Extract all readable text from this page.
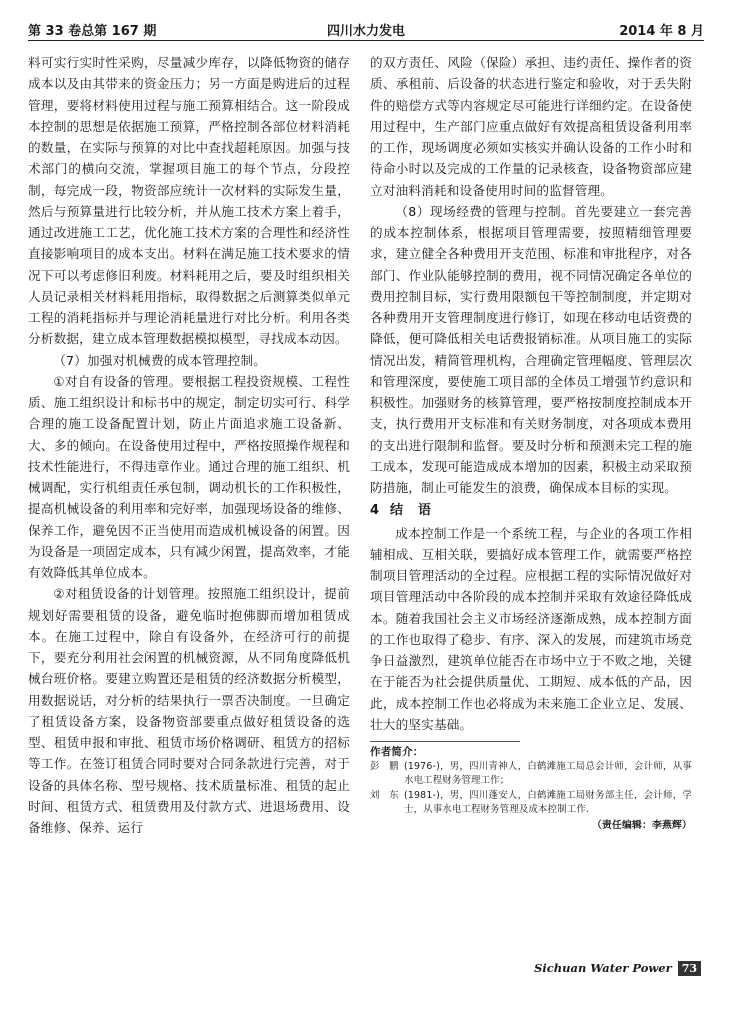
第 33 卷总第 167 期	四川水力发电	2014 年 8 月

料可实行实时性采购，尽量减少库存，以降低物资的储存成本以及由其带来的资金压力；另一方面是购进后的过程管理，要将材料使用过程与施工预算相结合。这一阶段成本控制的思想是依据施工预算，严格控制各部位材料消耗的数量，在实际与预算的对比中查找超耗原因。加强与技术部门的横向交流，掌握项目施工的每个节点，分段控制，每完成一段，物资部应统计一次材料的实际发生量，然后与预算量进行比较分析，并从施工技术方案上着手，通过改进施工工艺，优化施工技术方案的合理性和经济性直接影响项目的成本支出。材料在满足施工技术要求的情况下可以考虑修旧利废。材料耗用之后，要及时组织相关人员记录相关材料耗用指标，取得数据之后测算类似单元工程的消耗指标并与理论消耗量进行对比分析。利用各类分析数据，建立成本管理数据模拟模型，寻找成本动因。

（7）加强对机械费的成本管理控制。

①对自有设备的管理。要根据工程投资规模、工程性质、施工组织设计和标书中的规定，制定切实可行、科学合理的施工设备配置计划，防止片面追求施工设备新、大、多的倾向。在设备使用过程中，严格按照操作规程和技术性能进行，不得违章作业。通过合理的施工组织、机械调配，实行机组责任承包制，调动机长的工作积极性，提高机械设备的利用率和完好率，加强现场设备的维修、保养工作，避免因不正当使用而造成机械设备的闲置。因为设备是一项固定成本，只有减少闲置，提高效率，才能有效降低其单位成本。

②对租赁设备的计划管理。按照施工组织设计，提前规划好需要租赁的设备，避免临时抱佛脚而增加租赁成本。在施工过程中，除自有设备外，在经济可行的前提下，要充分利用社会闲置的机械资源，从不同角度降低机械台班价格。要建立购置还是租赁的经济数据分析模型，用数据说话，对分析的结果执行一票否决制度。一旦确定了租赁设备方案，设备物资部要重点做好租赁设备的选型、租赁申报和审批、租赁市场价格调研、租赁方的招标等工作。在签订租赁合同时要对合同条款进行完善，对于设备的具体名称、型号规格、技术质量标准、租赁的起止时间、租赁方式、租赁费用及付款方式、进退场费用、设备维修、保养、运行

的双方责任、风险（保险）承担、违约责任、操作者的资质、承租前、后设备的状态进行鉴定和验收，对于丢失附件的赔偿方式等内容规定尽可能进行详细约定。在设备使用过程中，生产部门应重点做好有效提高租赁设备利用率的工作，现场调度必须如实核实并确认设备的工作小时和待命小时以及完成的工作量的记录核查，设备物资部应建立对油料消耗和设备使用时间的监督管理。

（8）现场经费的管理与控制。首先要建立一套完善的成本控制体系，根据项目管理需要，按照精细管理要求，建立健全各种费用开支范围、标准和审批程序，对各部门、作业队能够控制的费用，视不同情况确定各单位的费用控制目标，实行费用限额包干等控制制度，并定期对各种费用开支管理制度进行修订，如现在移动电话资费的降低，便可降低相关电话费报销标准。从项目施工的实际情况出发，精简管理机构，合理确定管理幅度、管理层次和管理深度，要使施工项目部的全体员工增强节约意识和积极性。加强财务的核算管理，要严格按制度控制成本开支，执行费用开支标准和有关财务制度，对各项成本费用的支出进行限制和监督。要及时分析和预测未完工程的施工成本，发现可能造成成本增加的因素，积极主动采取预防措施，制止可能发生的浪费，确保成本目标的实现。

4 结　语

成本控制工作是一个系统工程，与企业的各项工作相辅相成、互相关联，要搞好成本管理工作，就需要严格控制项目管理活动的全过程。应根据工程的实际情况做好对项目管理活动中各阶段的成本控制并采取有效途径降低成本。随着我国社会主义市场经济逐渐成熟，成本控制方面的工作也取得了稳步、有序、深入的发展，而建筑市场竞争日益激烈，建筑单位能否在市场中立于不败之地，关键在于能否为社会提供质量优、工期短、成本低的产品，因此，成本控制工作也必将成为未来施工企业立足、发展、壮大的坚实基础。

作者简介：
彭　鹏 (1976-)，男，四川青神人，白鹤滩施工局总会计师，会计师，从事水电工程财务管理工作；
刘　东 (1981-)，男，四川蓬安人，白鹤滩施工局财务部主任，会计师，学士，从事水电工程财务管理及成本控制工作．
（责任编辑：李燕辉）
Sichuan Water Power 73
